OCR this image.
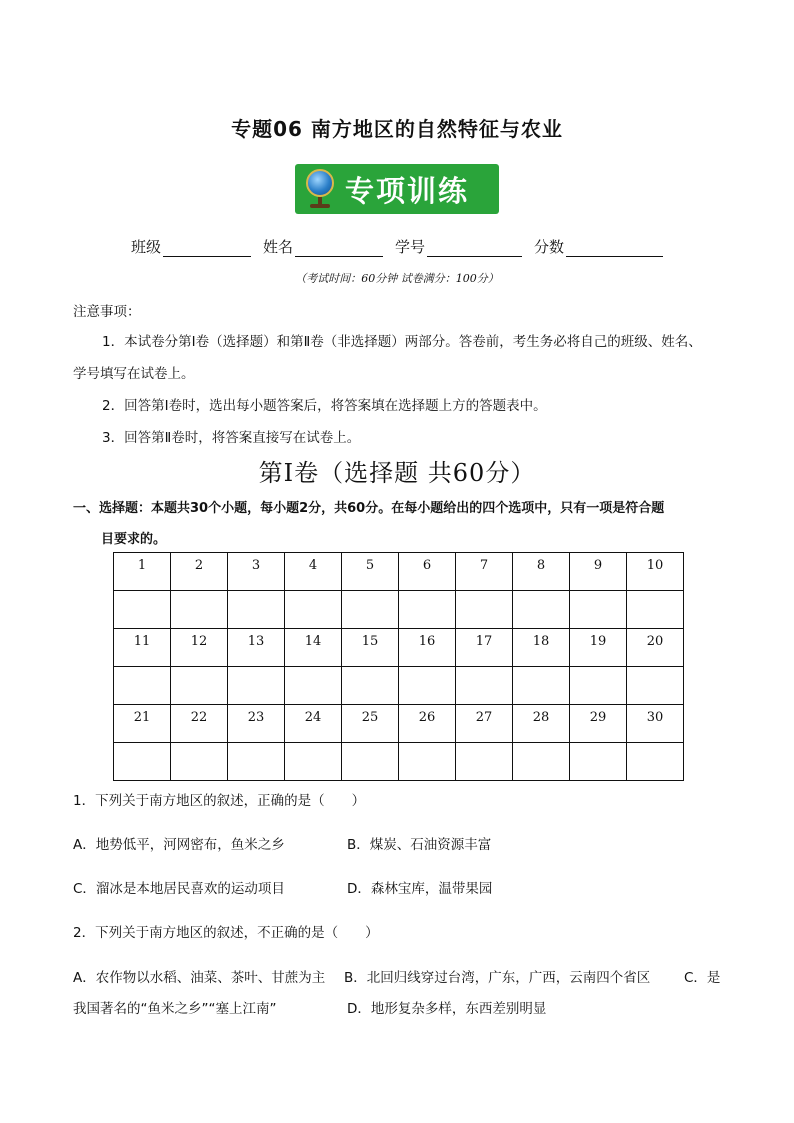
专题06 南方地区的自然特征与农业
专项训练
班级	姓名	学号	分数
（考试时间：60分钟 试卷满分：100分）
注意事项：
1．本试卷分第Ⅰ卷（选择题）和第Ⅱ卷（非选择题）两部分。答卷前，考生务必将自己的班级、姓名、
学号填写在试卷上。
2．回答第Ⅰ卷时，选出每小题答案后，将答案填在选择题上方的答题表中。
3．回答第Ⅱ卷时，将答案直接写在试卷上。
第Ⅰ卷（选择题 共60分）
一、选择题：本题共30个小题，每小题2分，共60分。在每小题给出的四个选项中，只有一项是符合题
目要求的。
1	2	3	4	5	6	7	8	9	10

11	12	13	14	15	16	17	18	19	20

21	22	23	24	25	26	27	28	29	30

1．下列关于南方地区的叙述，正确的是（　　）
A．地势低平，河网密布，鱼米之乡	B．煤炭、石油资源丰富
C．溜冰是本地居民喜欢的运动项目	D．森林宝库，温带果园
2．下列关于南方地区的叙述，不正确的是（　　）
A．农作物以水稻、油菜、茶叶、甘蔗为主 B．北回归线穿过台湾，广东，广西，云南四个省区 C．是
我国著名的“鱼米之乡”“塞上江南”	D．地形复杂多样，东西差别明显
